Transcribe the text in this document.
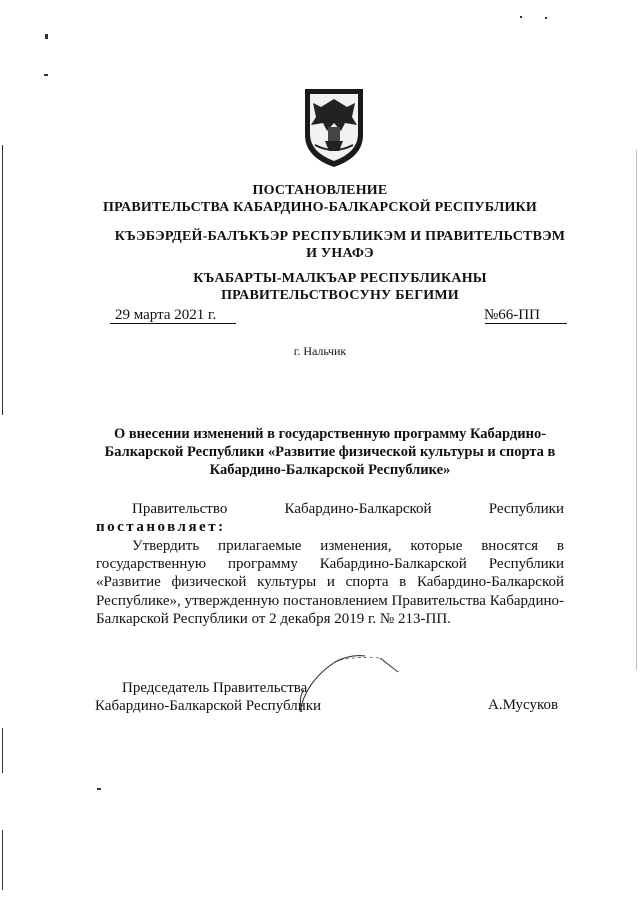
ПОСТАНОВЛЕНИЕ
ПРАВИТЕЛЬСТВА КАБАРДИНО-БАЛКАРСКОЙ РЕСПУБЛИКИ
КЪЭБЭРДЕЙ-БАЛЪКЪЭР РЕСПУБЛИКЭМ И ПРАВИТЕЛЬСТВЭМ И УНАФЭ
КЪАБАРТЫ-МАЛКЪАР РЕСПУБЛИКАНЫ ПРАВИТЕЛЬСТВОСУНУ БЕГИМИ
29 марта 2021 г.	№66-ПП
г. Нальчик
О внесении изменений в государственную программу Кабардино-Балкарской Республики «Развитие физической культуры и спорта в Кабардино-Балкарской Республике»
Правительство	Кабардино-Балкарской	Республики
постановляет:
Утвердить прилагаемые изменения, которые вносятся в государственную программу Кабардино-Балкарской Республики «Развитие физической культуры и спорта в Кабардино-Балкарской Республике», утвержденную постановлением Правительства Кабардино-Балкарской Республики от 2 декабря 2019 г. № 213-ПП.
Председатель Правительства
Кабардино-Балкарской Республики	А.Мусуков
